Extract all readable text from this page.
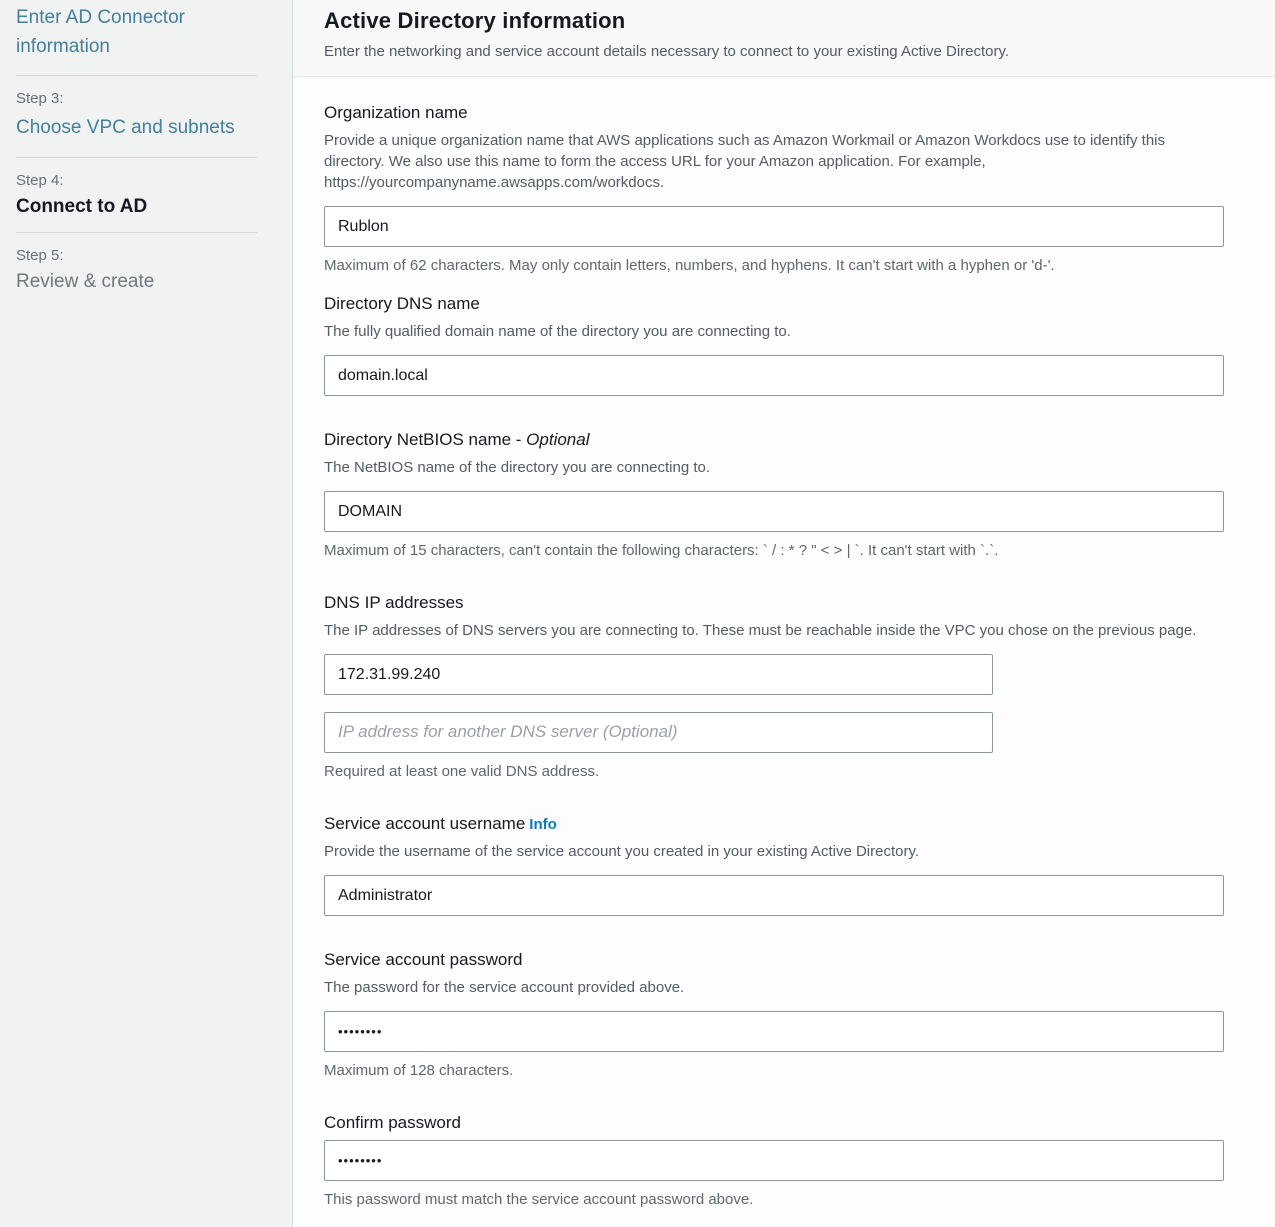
Enter AD Connector information
Step 3:
Choose VPC and subnets
Step 4:
Connect to AD
Step 5:
Review & create
Active Directory information
Enter the networking and service account details necessary to connect to your existing Active Directory.
Organization name
Provide a unique organization name that AWS applications such as Amazon Workmail or Amazon Workdocs use to identify this directory. We also use this name to form the access URL for your Amazon application. For example, https://yourcompanyname.awsapps.com/workdocs.
Rublon
Maximum of 62 characters. May only contain letters, numbers, and hyphens. It can't start with a hyphen or 'd-'.
Directory DNS name
The fully qualified domain name of the directory you are connecting to.
domain.local
Directory NetBIOS name - Optional
The NetBIOS name of the directory you are connecting to.
DOMAIN
Maximum of 15 characters, can't contain the following characters: ` / : * ? " < > | `. It can't start with `.`.
DNS IP addresses
The IP addresses of DNS servers you are connecting to. These must be reachable inside the VPC you chose on the previous page.
172.31.99.240
IP address for another DNS server (Optional)
Required at least one valid DNS address.
Service account username Info
Provide the username of the service account you created in your existing Active Directory.
Administrator
Service account password
The password for the service account provided above.
••••••••
Maximum of 128 characters.
Confirm password
••••••••
This password must match the service account password above.
